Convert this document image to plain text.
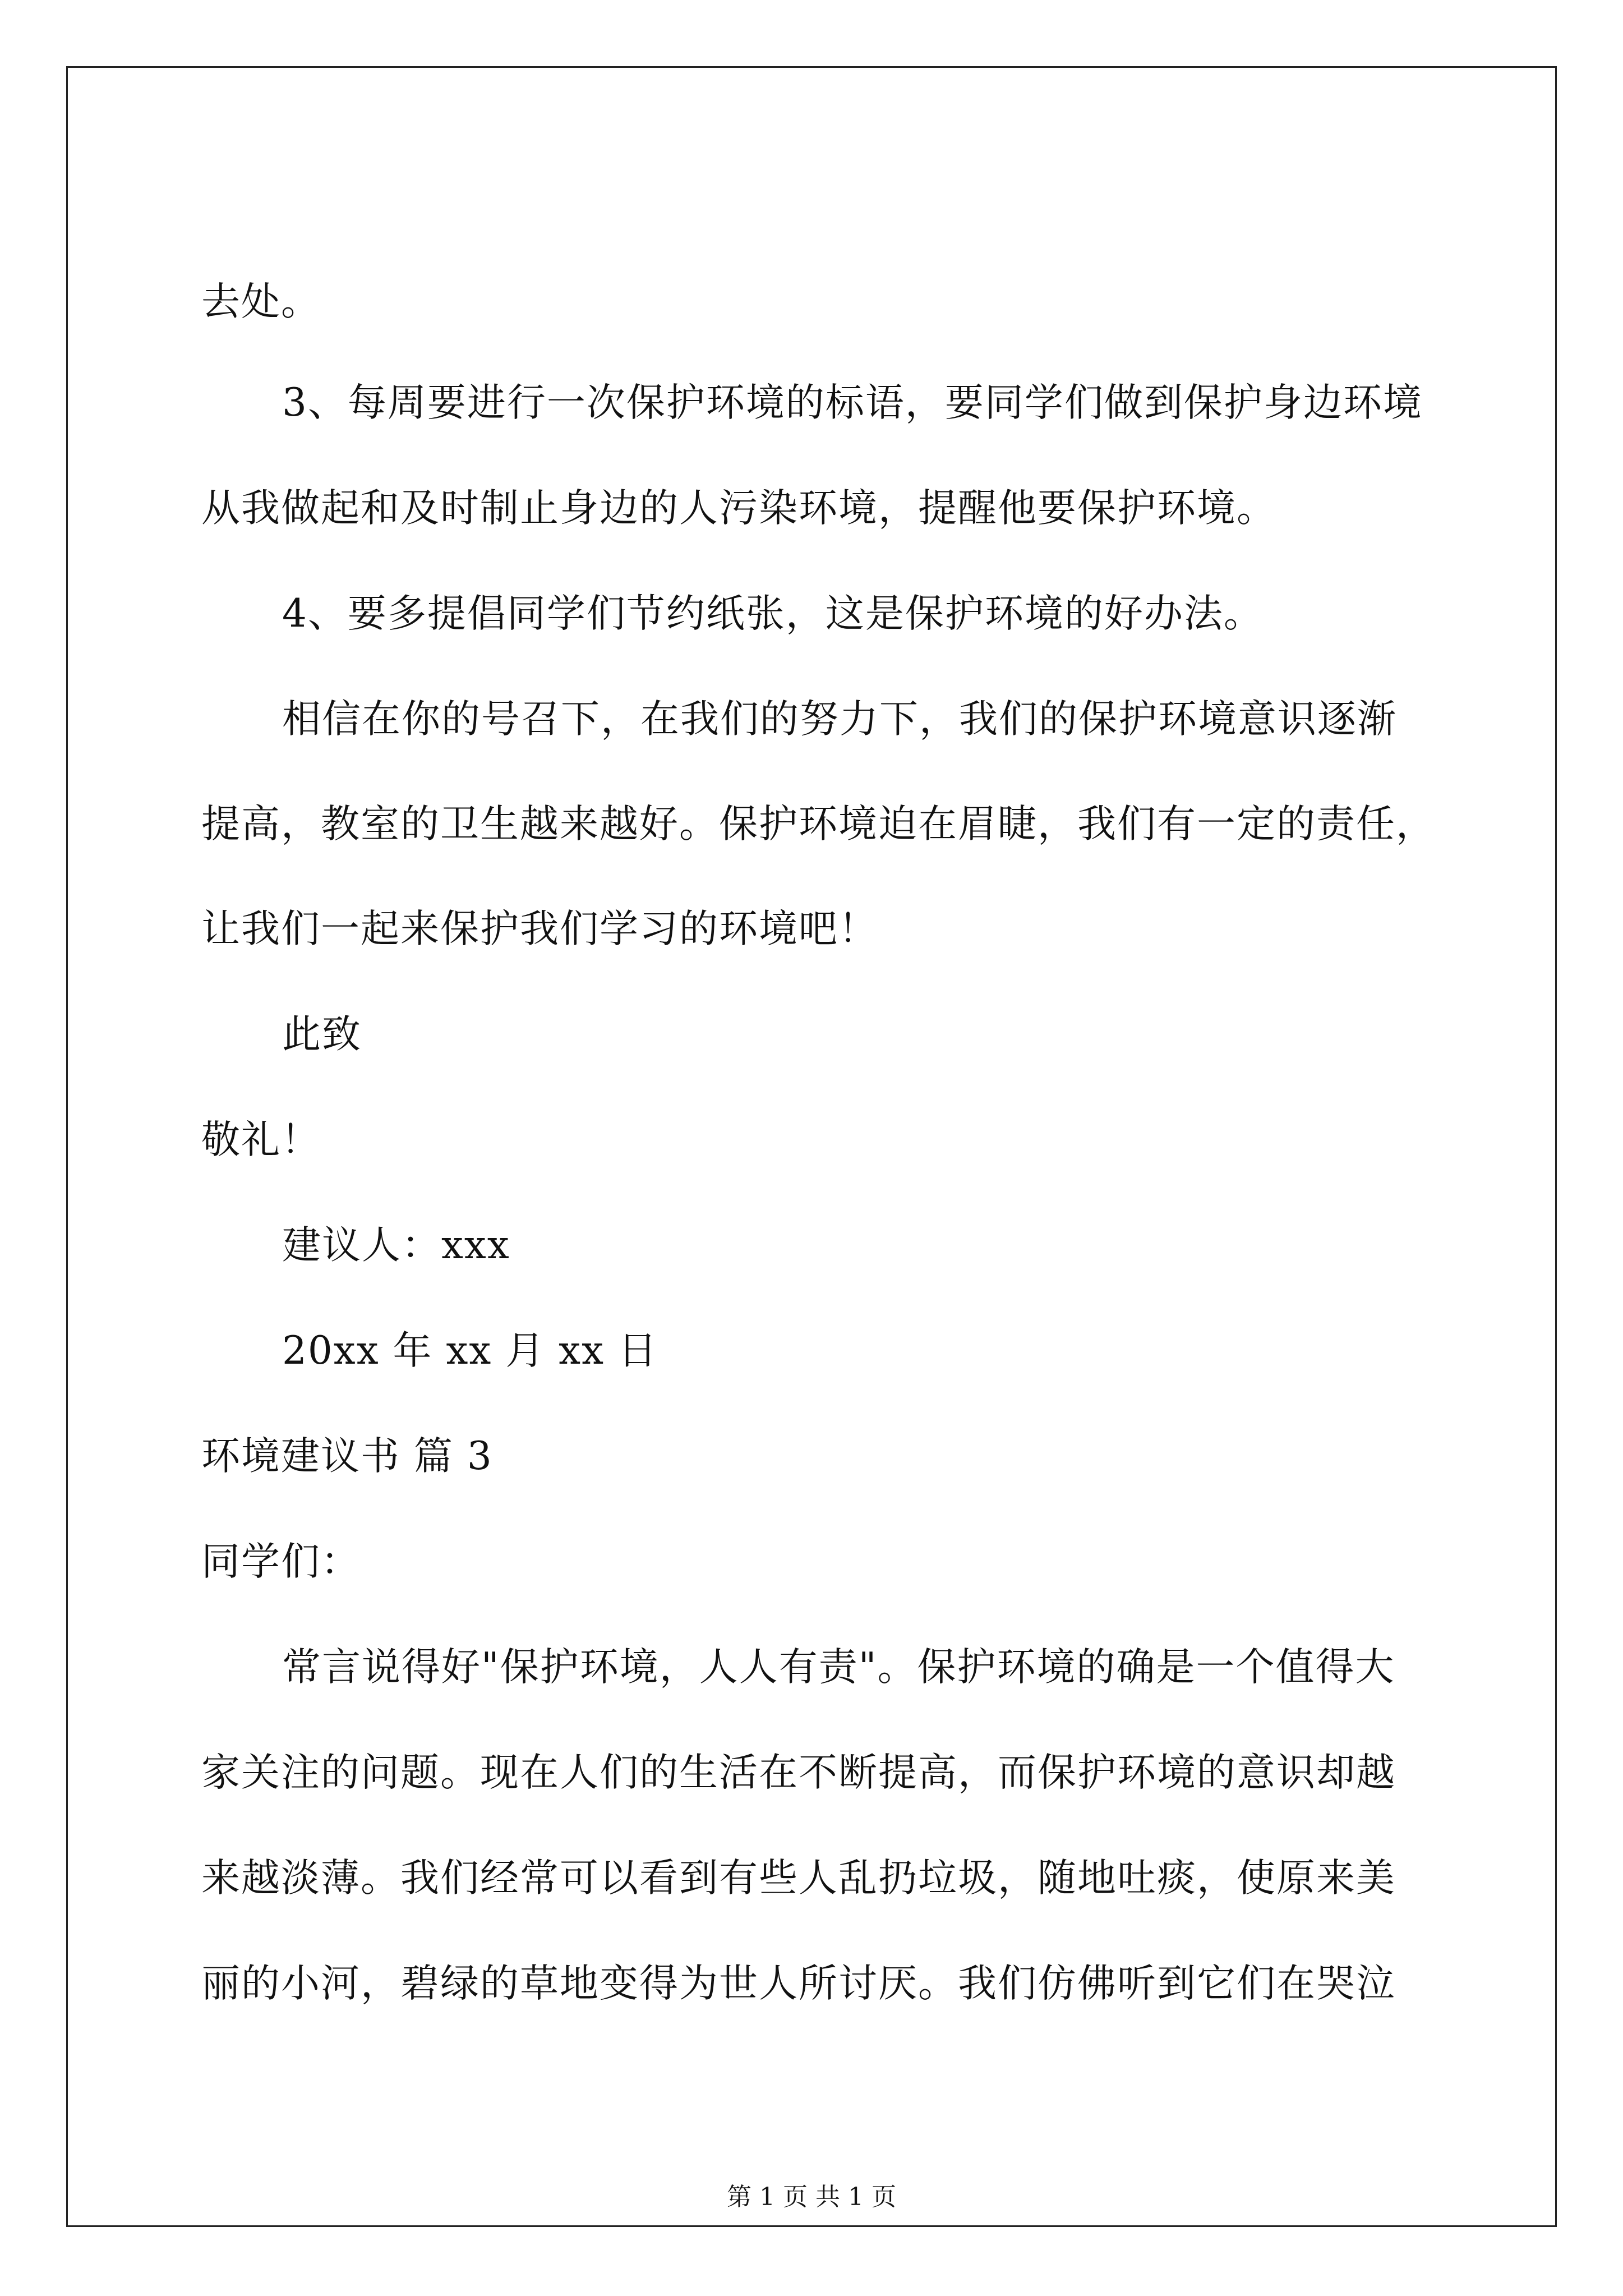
去处。
3、每周要进行一次保护环境的标语，要同学们做到保护身边环境
从我做起和及时制止身边的人污染环境，提醒他要保护环境。
4、要多提倡同学们节约纸张，这是保护环境的好办法。
相信在你的号召下，在我们的努力下，我们的保护环境意识逐渐
提高，教室的卫生越来越好。保护环境迫在眉睫，我们有一定的责任，
让我们一起来保护我们学习的环境吧！
此致
敬礼！
建议人：xxx
20xx 年 xx 月 xx 日
环境建议书 篇 3
同学们：
常言说得好"保护环境，人人有责"。保护环境的确是一个值得大
家关注的问题。现在人们的生活在不断提高，而保护环境的意识却越
来越淡薄。我们经常可以看到有些人乱扔垃圾，随地吐痰，使原来美
丽的小河，碧绿的草地变得为世人所讨厌。我们仿佛听到它们在哭泣
第 1 页 共 1 页
